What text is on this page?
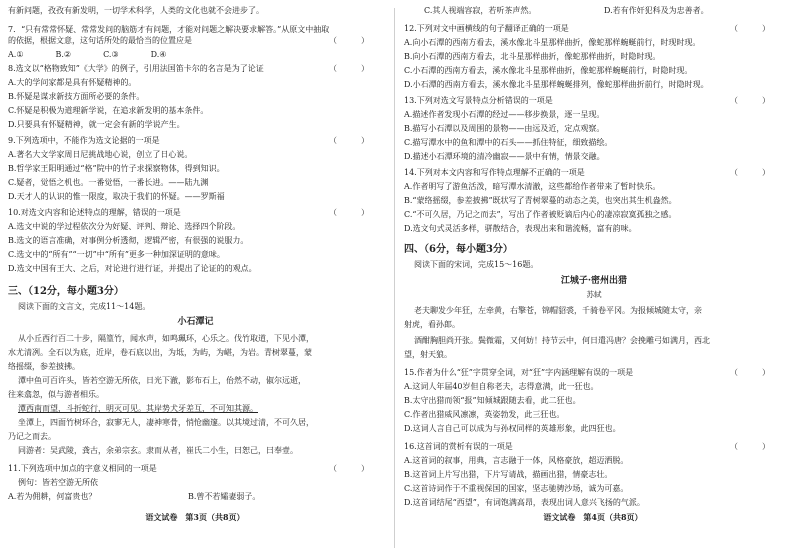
有新问题，孜孜有新发明，一切学术科学，人类的文化也就不会进步了。
7．“只有常常怀疑、常常发问的脑筋才有问题，才能对问题之解决要求解答。”从原文中抽取
的依据，根据文意，这句话所处的最恰当的位置应是	（　　　）
A.①　　　　B.②　　　　C.③　　　　D.④
8.选文以“格物致知”《大学》的例子，引用法国笛卡尔的名言是为了论证	（　　　）
A.大的学问家都是具有怀疑精神的。
B.怀疑是谋求新技方面所必要的条件。
C.怀疑是积极为道理新学说，在追求新发明的基本条件。
D.只要具有怀疑精神，就一定会有新的学说产生。
9.下列选项中，不能作为选文论据的一项是	（　　　）
A.著名大文学家周日尼挑战地心说，创立了日心说。
B.哲学家王阳明通过“格”院中的竹子求探察物体，得到知识。
C.疑者，觉悟之机也。一番觉悟，一番长进。——陆九渊
D.天才人的认识的惟一限度，取决于我们的怀疑。——罗斯福
10.对选文内容和论述特点的理解，错误的一项是	（　　　）
A.选文中说的学过程依次分为好疑、评判、辩论、选择四个阶段。
B.选文的语言准确，对事例分析透彻，逻辑严密，有很强的说服力。
C.选文中的“所有”“一切”中“所有”更多一种加深证明的意味。
D.选文中国有王大、之后，对论进行进行证，并提出了论证的的观点。
三、（12分，每小题3分）
阅读下面的文言文，完成11～14题。
小石潭记
从小丘西行百二十步，隔篁竹，闻水声，如鸣珮环，心乐之。伐竹取道，下见小潭，
水尤清冽。全石以为底，近岸，卷石底以出，为坻，为屿，为嵁，为岩。青树翠蔓，蒙
络摇缀，参差披拂。
潭中鱼可百许头，皆若空游无所依，日光下澈，影布石上，佁然不动，俶尔远逝，
往来翕忽，似与游者相乐。
潭西南而望，斗折蛇行，明灭可见。其岸势犬牙差互，不可知其源。
坐潭上，四面竹树环合，寂寥无人，凄神寒骨，悄怆幽邃。以其境过清，不可久居，
乃记之而去。
同游者：吴武陵，龚古，余弟宗玄。隶而从者，崔氏二小生，曰恕己，曰奉壹。
11.下列选项中加点的字意义相同的一项是	（　　　）
例句：皆若空游无所依
A.若为佣耕，何富贵也？	B.曾不若孀妻弱子。
语文试卷　第3页（共8页）
C.其人视端容寂，若听茶声然。	D.若有作奸犯科及为忠善者。
12.下列对文中画横线的句子翻译正确的一项是	（　　　）
A.向小石潭的西南方看去，溪水像北斗星那样曲折，像蛇那样蜿蜒前行，时现时现。
B.向小石潭的西南方看去，北斗星那样曲折，像蛇那样曲折，时隐时现。
C.小石潭的西南方看去，溪水像北斗星那样曲折，像蛇那样蜿蜒前行，时隐时现。
D.小石潭的西南方看去，溪水像北斗星那样蜿蜒排列，像蛇那样曲折前行，时隐时现。
13.下列对选文写景特点分析错误的一项是	（　　　）
A.描述作者发现小石潭的经过——移步换景，逐一呈现。
B.描写小石潭以及周围的景物——由远及近，定点观察。
C.描写潭水中的鱼和潭中的石头——抓住特征，细致描绘。
D.描述小石潭环境的清冷幽寂——景中有情，情景交融。
14.下列对本文内容和写作特点理解不正确的一项是	（　　　）
A.作者明写了游鱼活泼，暗写潭水清澈，这些都给作者带来了暂时快乐。
B.“蒙络摇缀，参差披拂”既状写了青树翠蔓的动态之美，也突出其生机盎然。
C.“不可久居，乃记之而去”，写出了作者被贬谪后内心的凄凉寂寞孤独之感。
D.选文句式灵活多样，骈散结合，表现出来和谐流畅，富有韵味。
四、（6分，每小题3分）
阅读下面的宋词，完成15～16题。
江城子·密州出猎
苏轼
老夫聊发少年狂，左牵黄，右擎苍，锦帽貂裘，千骑卷平冈。为报倾城随太守，亲
射虎，看孙郎。
酒酣胸胆尚开张。鬓微霜，又何妨！持节云中，何日遣冯唐？会挽雕弓如满月，西北
望，射天狼。
15.作者为什么“狂”字贯穿全词，对“狂”字内涵理解有误的一项是	（　　　）
A.这词人年届40岁但自称老夫，志得意满，此一狂也。
B.太守出猎而领“报”知倾城跟随去看，此二狂也。
C.作者出猎威风凛凛，英姿勃发，此三狂也。
D.这词人言自己可以成为与孙权同样的英雄形象，此四狂也。
16.这首词的赏析有误的一项是	（　　　）
A.这首词的叙事，用典，言志融于一体，风格豪放，超迈洒脱。
B.这首词上片写出猎，下片写请战，描画出猎，情豪志壮。
C.这首诗词作于不重视保国的国家，坚志驰骋沙场，诚为可嘉。
D.这首词结尾“西望”，有词饱满高昂，表现出词人意兴飞扬的气派。
语文试卷　第4页（共8页）
